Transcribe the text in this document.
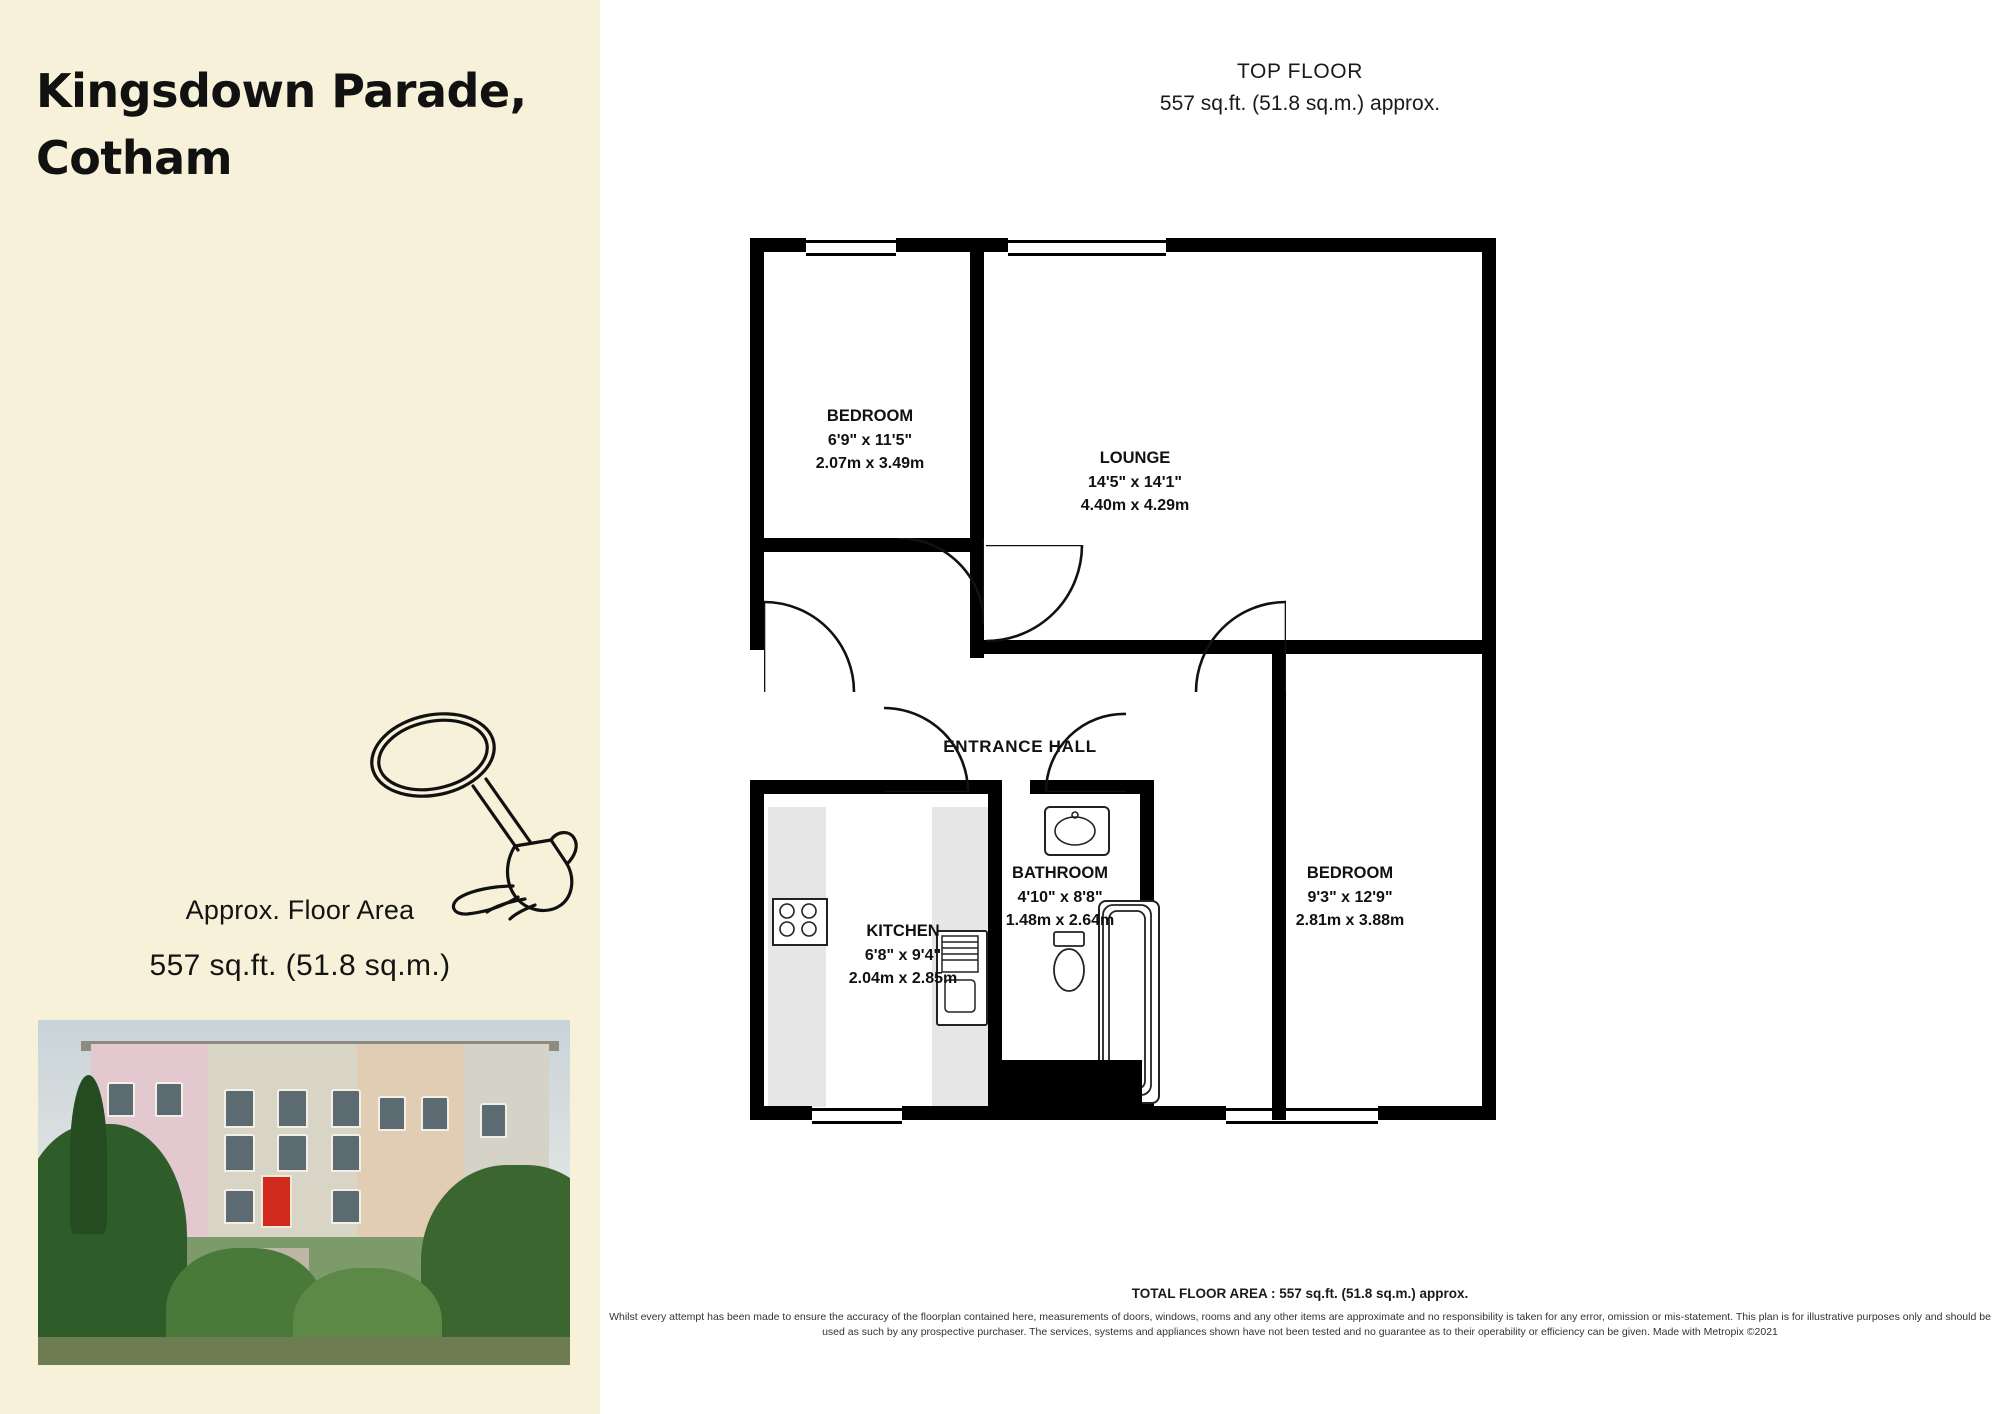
Kingsdown Parade,
Cotham
Approx. Floor Area
557 sq.ft. (51.8 sq.m.)
TOP FLOOR
557 sq.ft. (51.8 sq.m.) approx.
BEDROOM
6'9" x 11'5"
2.07m x 3.49m	LOUNGE
14'5" x 14'1"
4.40m x 4.29m
ENTRANCE HALL
KITCHEN
6'8" x 9'4"
2.04m x 2.85m
BATHROOM
4'10" x 8'8"
1.48m x 2.64m
BEDROOM
9'3" x 12'9"
2.81m x 3.88m
TOTAL FLOOR AREA : 557 sq.ft. (51.8 sq.m.) approx.
Whilst every attempt has been made to ensure the accuracy of the floorplan contained here, measurements of doors, windows, rooms and any other items are approximate and no responsibility is taken for any error, omission or mis-statement. This plan is for illustrative purposes only and should be used as such by any prospective purchaser. The services, systems and appliances shown have not been tested and no guarantee as to their operability or efficiency can be given. Made with Metropix ©2021
